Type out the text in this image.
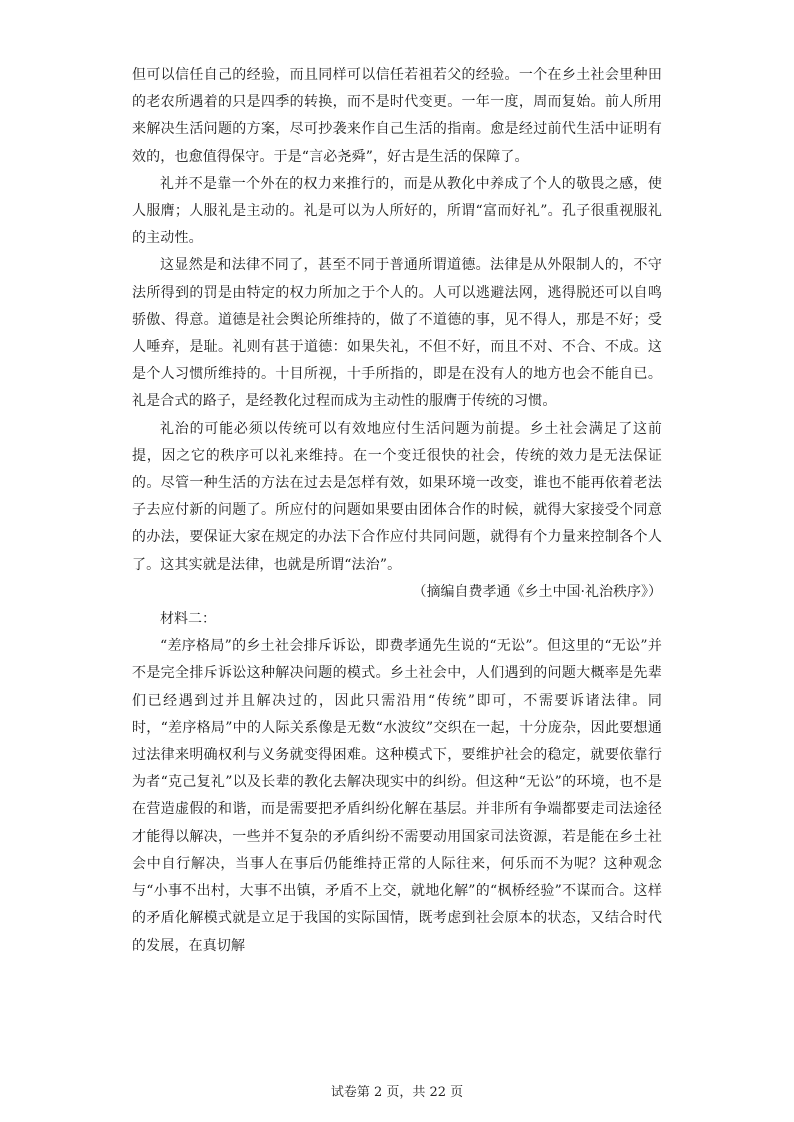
但可以信任自己的经验，而且同样可以信任若祖若父的经验。一个在乡土社会里种田的老农所遇着的只是四季的转换，而不是时代变更。一年一度，周而复始。前人所用来解决生活问题的方案，尽可抄袭来作自己生活的指南。愈是经过前代生活中证明有效的，也愈值得保守。于是“言必尧舜”，好古是生活的保障了。

礼并不是靠一个外在的权力来推行的，而是从教化中养成了个人的敬畏之感，使人服膺；人服礼是主动的。礼是可以为人所好的，所谓“富而好礼”。孔子很重视服礼的主动性。

这显然是和法律不同了，甚至不同于普通所谓道德。法律是从外限制人的，不守法所得到的罚是由特定的权力所加之于个人的。人可以逃避法网，逃得脱还可以自鸣骄傲、得意。道德是社会舆论所维持的，做了不道德的事，见不得人，那是不好；受人唾弃，是耻。礼则有甚于道德：如果失礼，不但不好，而且不对、不合、不成。这是个人习惯所维持的。十目所视，十手所指的，即是在没有人的地方也会不能自已。礼是合式的路子，是经教化过程而成为主动性的服膺于传统的习惯。

礼治的可能必须以传统可以有效地应付生活问题为前提。乡土社会满足了这前提，因之它的秩序可以礼来维持。在一个变迁很快的社会，传统的效力是无法保证的。尽管一种生活的方法在过去是怎样有效，如果环境一改变，谁也不能再依着老法子去应付新的问题了。所应付的问题如果要由团体合作的时候，就得大家接受个同意的办法，要保证大家在规定的办法下合作应付共同问题，就得有个力量来控制各个人了。这其实就是法律，也就是所谓“法治”。

（摘编自费孝通《乡土中国·礼治秩序》）

材料二：

“差序格局”的乡土社会排斥诉讼，即费孝通先生说的“无讼”。但这里的“无讼”并不是完全排斥诉讼这种解决问题的模式。乡土社会中，人们遇到的问题大概率是先辈们已经遇到过并且解决过的，因此只需沿用“传统”即可，不需要诉诸法律。同时，“差序格局”中的人际关系像是无数“水波纹”交织在一起，十分庞杂，因此要想通过法律来明确权利与义务就变得困难。这种模式下，要维护社会的稳定，就要依靠行为者“克己复礼”以及长辈的教化去解决现实中的纠纷。但这种“无讼”的环境，也不是在营造虚假的和谐，而是需要把矛盾纠纷化解在基层。并非所有争端都要走司法途径才能得以解决，一些并不复杂的矛盾纠纷不需要动用国家司法资源，若是能在乡土社会中自行解决，当事人在事后仍能维持正常的人际往来，何乐而不为呢？这种观念与“小事不出村，大事不出镇，矛盾不上交，就地化解”的“枫桥经验”不谋而合。这样的矛盾化解模式就是立足于我国的实际国情，既考虑到社会原本的状态，又结合时代的发展，在真切解

试卷第 2 页，共 22 页
